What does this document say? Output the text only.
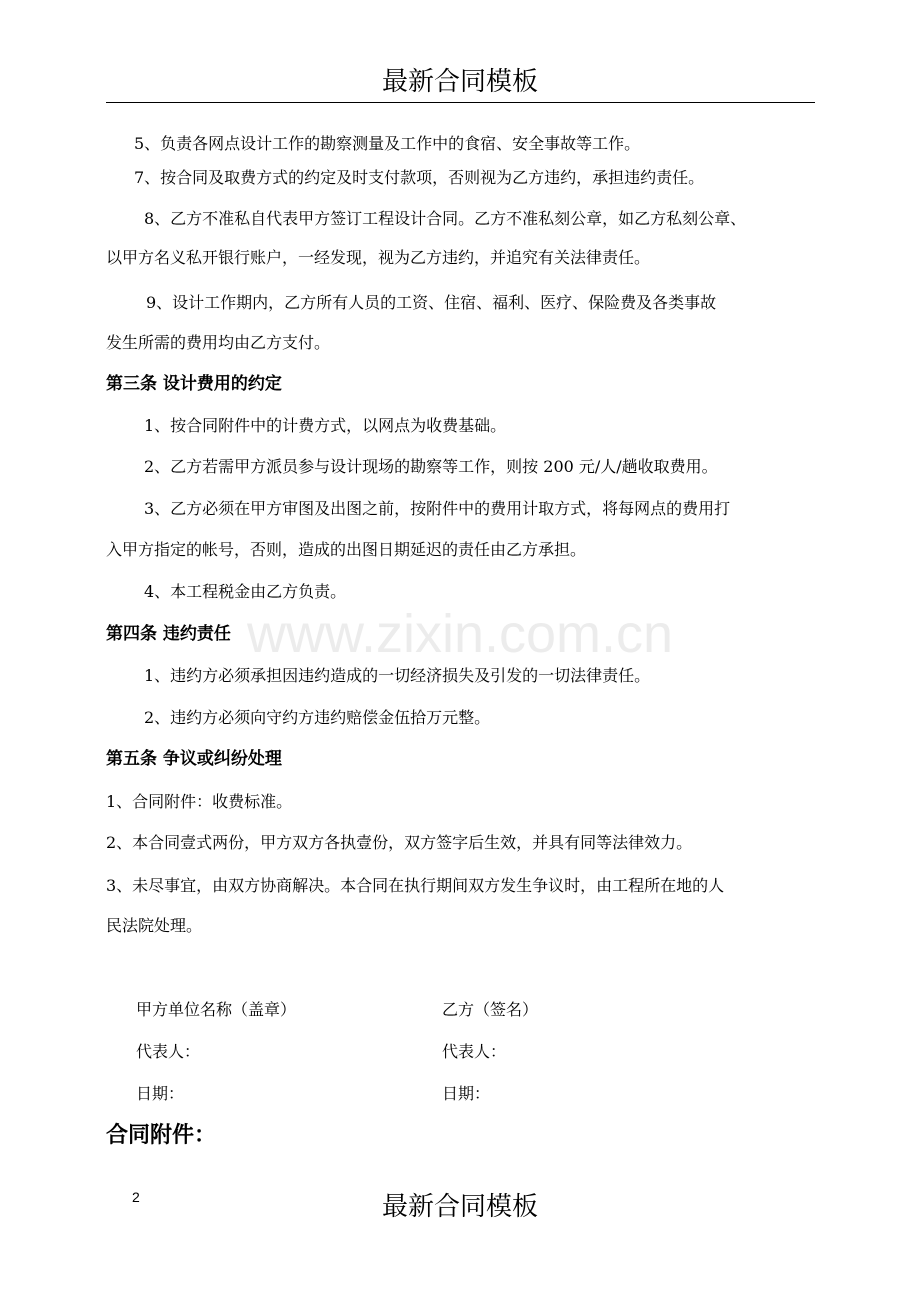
最新合同模板
5、负责各网点设计工作的勘察测量及工作中的食宿、安全事故等工作。
7、按合同及取费方式的约定及时支付款项，否则视为乙方违约，承担违约责任。
8、乙方不准私自代表甲方签订工程设计合同。乙方不准私刻公章，如乙方私刻公章、
以甲方名义私开银行账户，一经发现，视为乙方违约，并追究有关法律责任。
9、设计工作期内，乙方所有人员的工资、住宿、福利、医疗、保险费及各类事故
发生所需的费用均由乙方支付。
第三条 设计费用的约定
1、按合同附件中的计费方式，以网点为收费基础。
2、乙方若需甲方派员参与设计现场的勘察等工作，则按 200 元/人/趟收取费用。
3、乙方必须在甲方审图及出图之前，按附件中的费用计取方式，将每网点的费用打
入甲方指定的帐号，否则，造成的出图日期延迟的责任由乙方承担。
4、本工程税金由乙方负责。
www.zixin.com.cn
第四条 违约责任
1、违约方必须承担因违约造成的一切经济损失及引发的一切法律责任。
2、违约方必须向守约方违约赔偿金伍拾万元整。
第五条 争议或纠纷处理
1、合同附件：收费标准。
2、本合同壹式两份，甲方双方各执壹份，双方签字后生效，并具有同等法律效力。
3、未尽事宜，由双方协商解决。本合同在执行期间双方发生争议时，由工程所在地的人
民法院处理。
甲方单位名称（盖章）	乙方（签名）
代表人：	代表人：
日期：	日期：
合同附件：
2	最新合同模板
